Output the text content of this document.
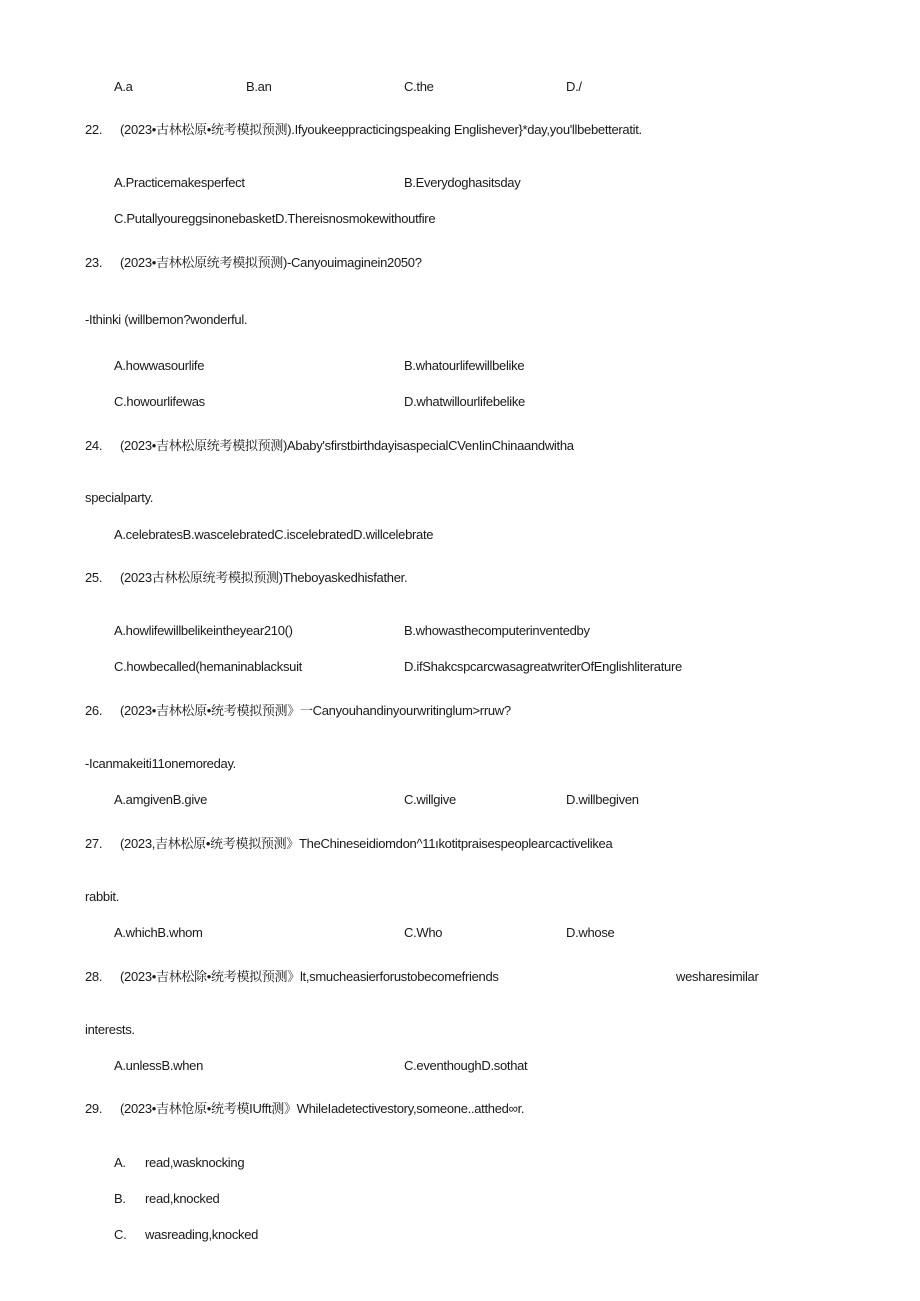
A.a	B.an	C.the	D./
22. (2023•古林松原•统考模拟预测).Ifyoukeeppracticingspeaking Englishever}*day,you'llbebetteratit.
A.Practicemakesperfect	B.Everydoghasitsday
C.PutallyoureggsinonebasketD.Thereisnosmokewithoutfire
23. (2023•吉林松原统考模拟预测)-Canyouimaginein2050?
-Ithinki (willbemon?wonderful.
A.howwasourlife	B.whatourlifewillbelike
C.howourlifewas	D.whatwillourlifebelike
24. (2023•吉林松原统考模拟预测)Ababy'sfirstbirthdayisaspecialCVenIinChinaandwitha
specialparty.
A.celebratesB.wascelebratedC.iscelebratedD.willcelebrate
25. (2023古林松原统考模拟预测)Theboyaskedhisfather.
A.howlifewillbelikeintheyear210()	B.whowasthecomputerinventedby
C.howbecalled(hemaninablacksuit	D.ifShakcspcarcwasagreatwriterOfEnglishliterature
26. (2023•吉林松原•统考模拟预测》一Canyouhandinyourwritinglum>rruw?
-Icanmakeiti11onemoreday.
A.amgivenB.give	C.willgive	D.willbegiven
27. (2023,吉林松原•统考模拟预测》TheChineseidiomdon^11ıkotitpraisespeoplearcactivelikea
rabbit.
A.whichB.whom	C.Who	D.whose
28. (2023•吉林松除•统考模拟预测》lt,smucheasierforustobecomefriends	wesharesimilar
interests.
A.unlessB.when	C.eventhoughD.sothat
29. (2023•吉林怆原•统考模IUfft测》WhileIadetectivestory,someone..atthed∞r.
A. read,wasknocking
B. read,knocked
C. wasreading,knocked
